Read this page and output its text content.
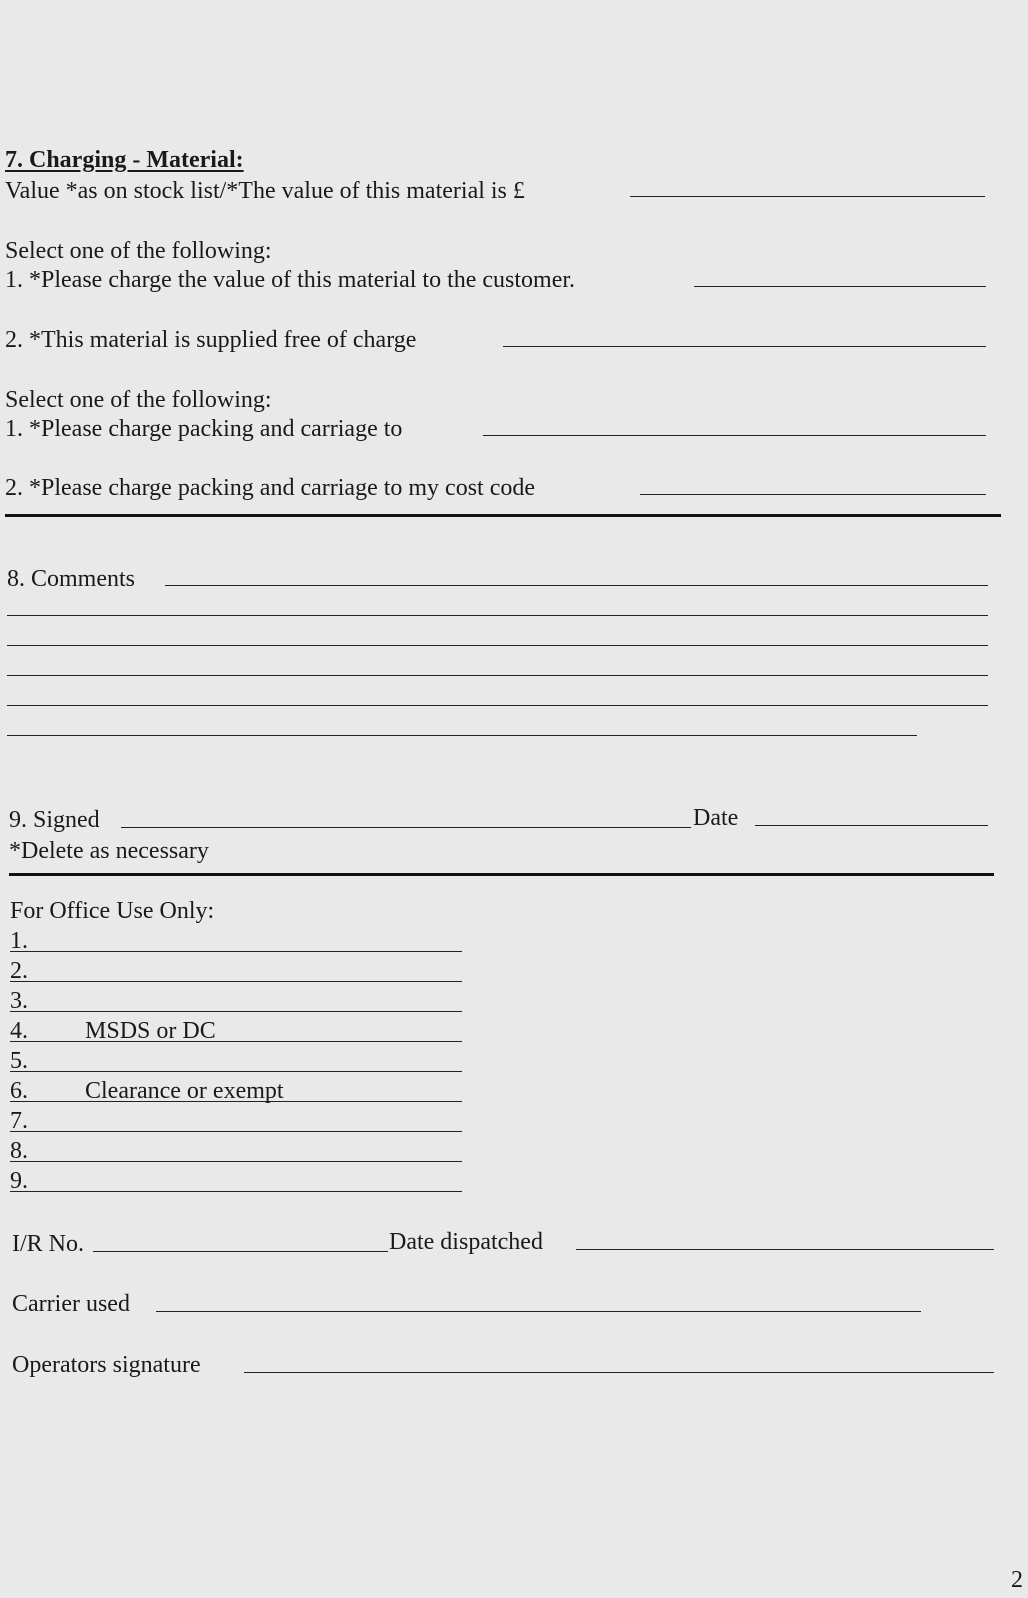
7. Charging - Material:
Value *as on stock list/*The value of this material is £
Select one of the following:
1. *Please charge the value of this material to the customer.
2. *This material is supplied free of charge
Select one of the following:
1. *Please charge packing and carriage to
2. *Please charge packing and carriage to my cost code
8. Comments
9. Signed	Date
*Delete as necessary
For Office Use Only:
1.
2.
3.
4. MSDS or DC
5.
6. Clearance or exempt
7.
8.
9.
I/R No.	Date dispatched
Carrier used
Operators signature
2
